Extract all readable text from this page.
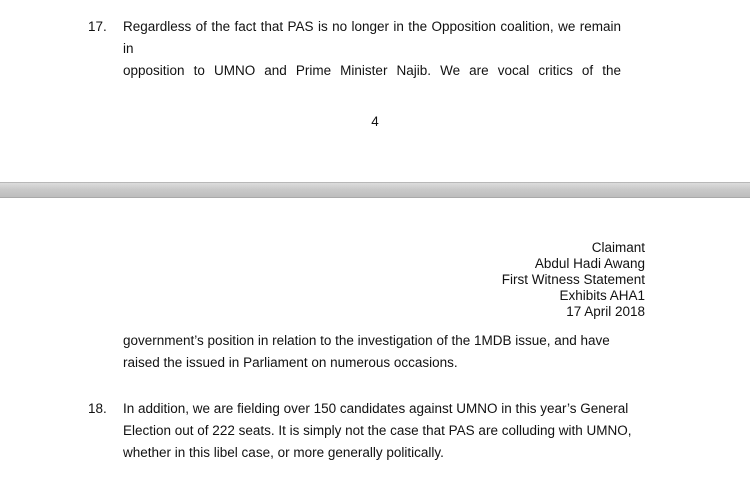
17. Regardless of the fact that PAS is no longer in the Opposition coalition, we remain in
opposition to UMNO and Prime Minister Najib. We are vocal critics of the

4
Claimant
Abdul Hadi Awang
First Witness Statement
Exhibits AHA1
17 April 2018

government’s position in relation to the investigation of the 1MDB issue, and have
raised the issued in Parliament on numerous occasions.

18. In addition, we are fielding over 150 candidates against UMNO in this year’s General
Election out of 222 seats. It is simply not the case that PAS are colluding with UMNO,
whether in this libel case, or more generally politically.
